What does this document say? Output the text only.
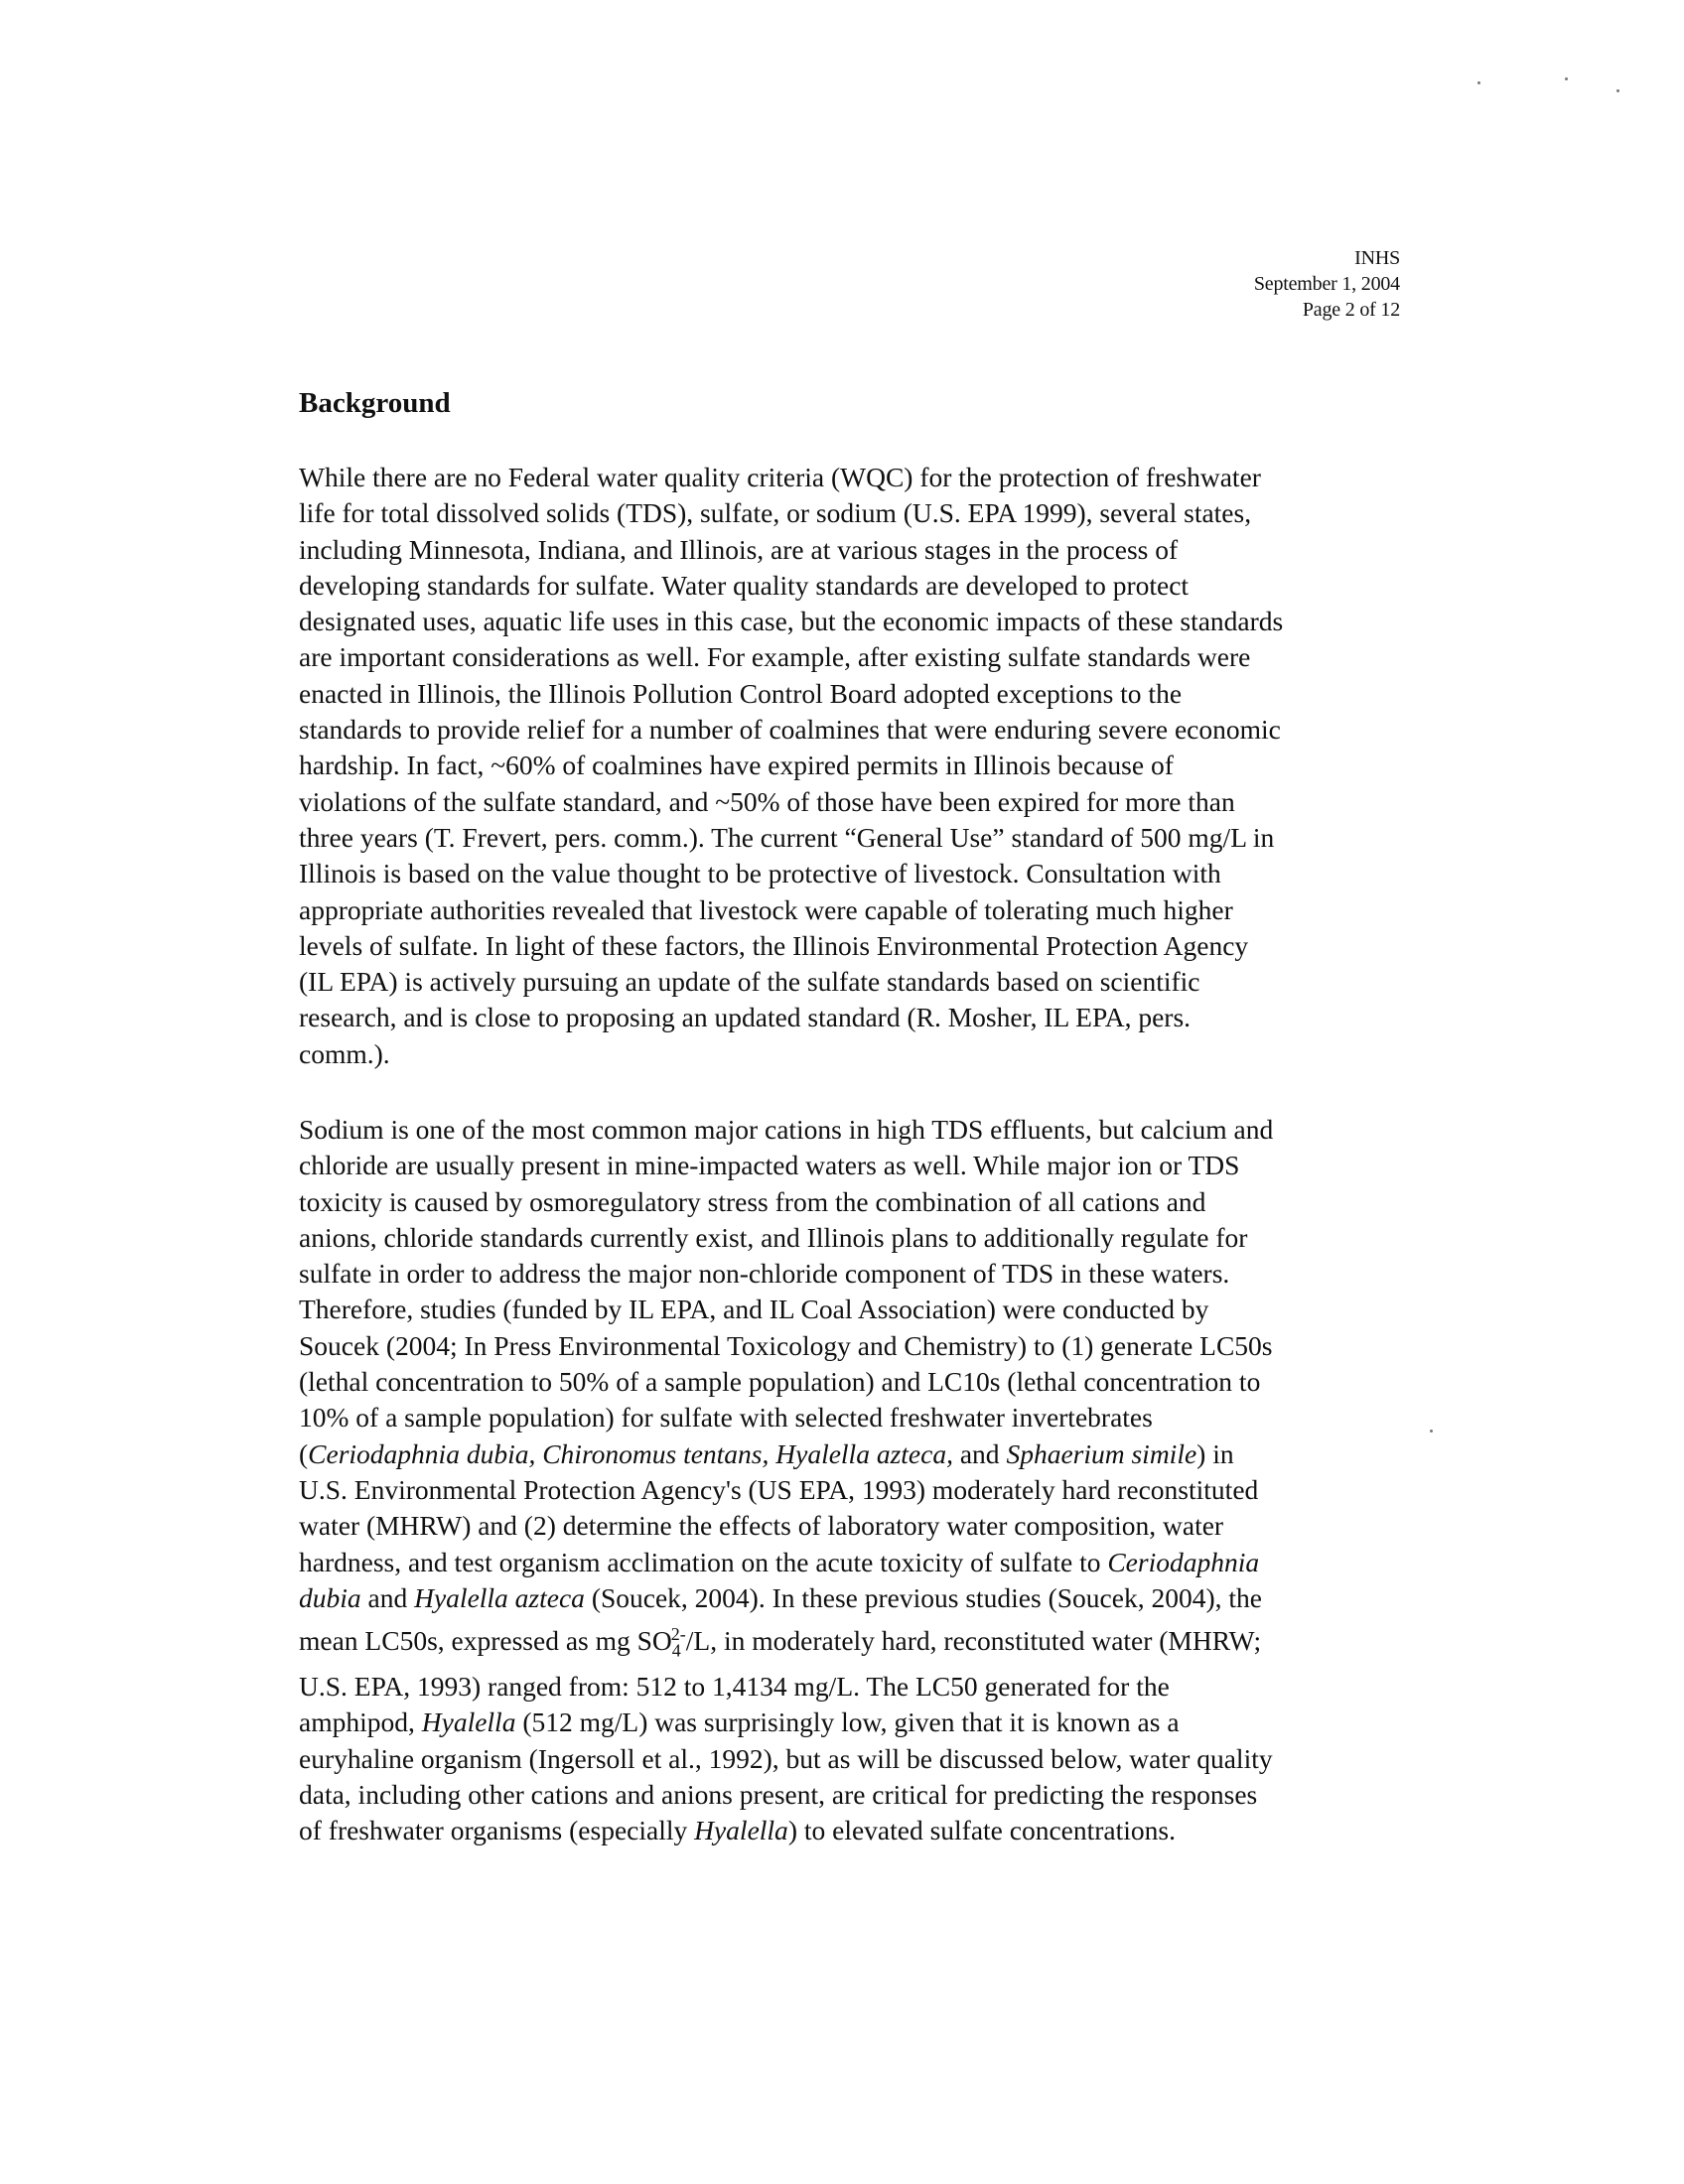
INHS
September 1, 2004
Page 2 of 12
Background

While there are no Federal water quality criteria (WQC) for the protection of freshwater
life for total dissolved solids (TDS), sulfate, or sodium (U.S. EPA 1999), several states,
including Minnesota, Indiana, and Illinois, are at various stages in the process of
developing standards for sulfate. Water quality standards are developed to protect
designated uses, aquatic life uses in this case, but the economic impacts of these standards
are important considerations as well. For example, after existing sulfate standards were
enacted in Illinois, the Illinois Pollution Control Board adopted exceptions to the
standards to provide relief for a number of coalmines that were enduring severe economic
hardship. In fact, ~60% of coalmines have expired permits in Illinois because of
violations of the sulfate standard, and ~50% of those have been expired for more than
three years (T. Frevert, pers. comm.). The current “General Use” standard of 500 mg/L in
Illinois is based on the value thought to be protective of livestock. Consultation with
appropriate authorities revealed that livestock were capable of tolerating much higher
levels of sulfate. In light of these factors, the Illinois Environmental Protection Agency
(IL EPA) is actively pursuing an update of the sulfate standards based on scientific
research, and is close to proposing an updated standard (R. Mosher, IL EPA, pers.
comm.).

Sodium is one of the most common major cations in high TDS effluents, but calcium and
chloride are usually present in mine-impacted waters as well. While major ion or TDS
toxicity is caused by osmoregulatory stress from the combination of all cations and
anions, chloride standards currently exist, and Illinois plans to additionally regulate for
sulfate in order to address the major non-chloride component of TDS in these waters.
Therefore, studies (funded by IL EPA, and IL Coal Association) were conducted by
Soucek (2004; In Press Environmental Toxicology and Chemistry) to (1) generate LC50s
(lethal concentration to 50% of a sample population) and LC10s (lethal concentration to
10% of a sample population) for sulfate with selected freshwater invertebrates
(Ceriodaphnia dubia, Chironomus tentans, Hyalella azteca, and Sphaerium simile) in
U.S. Environmental Protection Agency's (US EPA, 1993) moderately hard reconstituted
water (MHRW) and (2) determine the effects of laboratory water composition, water
hardness, and test organism acclimation on the acute toxicity of sulfate to Ceriodaphnia
dubia and Hyalella azteca (Soucek, 2004). In these previous studies (Soucek, 2004), the
mean LC50s, expressed as mg $SO_4^{2-}/L$, in moderately hard, reconstituted water (MHRW;
U.S. EPA, 1993) ranged from: 512 to 1,4134 mg/L. The LC50 generated for the
amphipod, Hyalella (512 mg/L) was surprisingly low, given that it is known as a
euryhaline organism (Ingersoll et al., 1992), but as will be discussed below, water quality
data, including other cations and anions present, are critical for predicting the responses
of freshwater organisms (especially Hyalella) to elevated sulfate concentrations.
